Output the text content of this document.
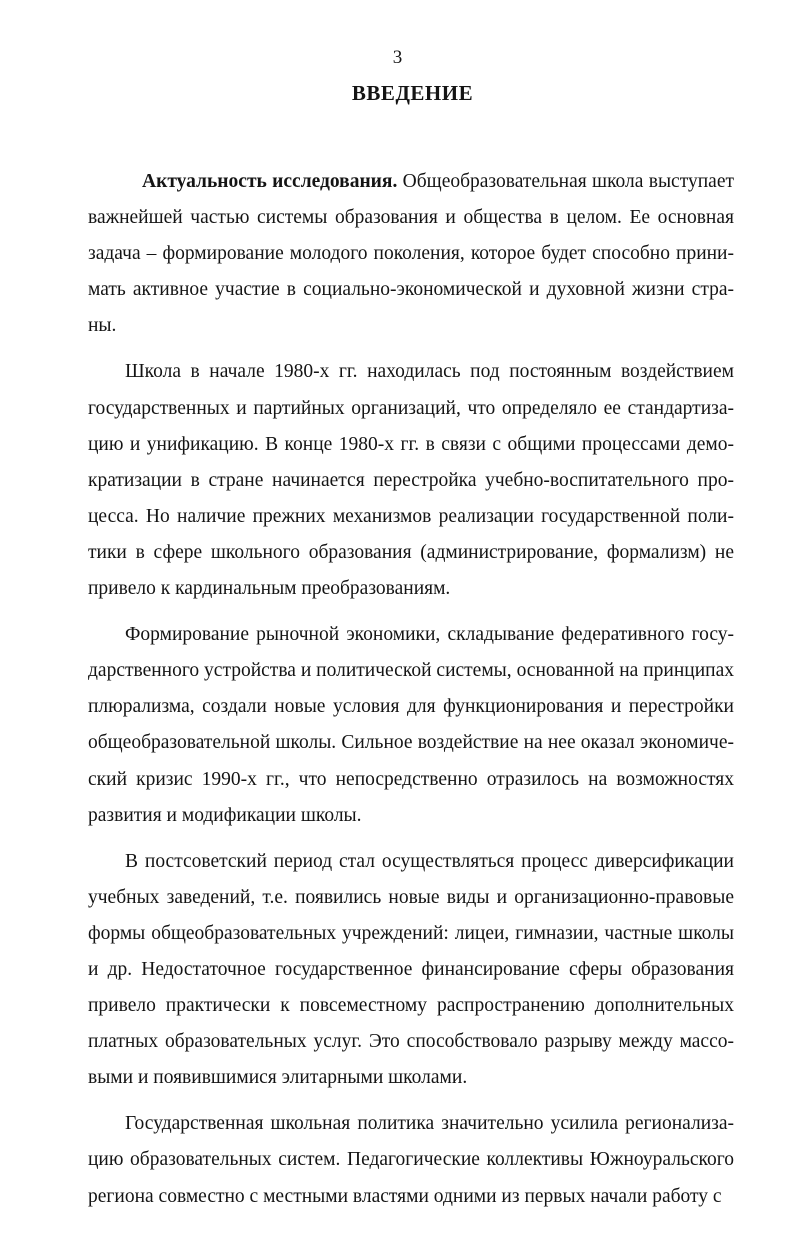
3
ВВЕДЕНИЕ

Актуальность исследования. Общеобразовательная школа выступает важнейшей частью системы образования и общества в целом. Ее основная задача – формирование молодого поколения, которое будет способно принимать активное участие в социально-экономической и духовной жизни страны.

Школа в начале 1980-х гг. находилась под постоянным воздействием государственных и партийных организаций, что определяло ее стандартизацию и унификацию. В конце 1980-х гг. в связи с общими процессами демократизации в стране начинается перестройка учебно-воспитательного процесса. Но наличие прежних механизмов реализации государственной политики в сфере школьного образования (администрирование, формализм) не привело к кардинальным преобразованиям.

Формирование рыночной экономики, складывание федеративного государственного устройства и политической системы, основанной на принципах плюрализма, создали новые условия для функционирования и перестройки общеобразовательной школы. Сильное воздействие на нее оказал экономический кризис 1990-х гг., что непосредственно отразилось на возможностях развития и модификации школы.

В постсоветский период стал осуществляться процесс диверсификации учебных заведений, т.е. появились новые виды и организационно-правовые формы общеобразовательных учреждений: лицеи, гимназии, частные школы и др. Недостаточное государственное финансирование сферы образования привело практически к повсеместному распространению дополнительных платных образовательных услуг. Это способствовало разрыву между массовыми и появившимися элитарными школами.

Государственная школьная политика значительно усилила регионализацию образовательных систем. Педагогические коллективы Южноуральского региона совместно с местными властями одними из первых начали работу с
